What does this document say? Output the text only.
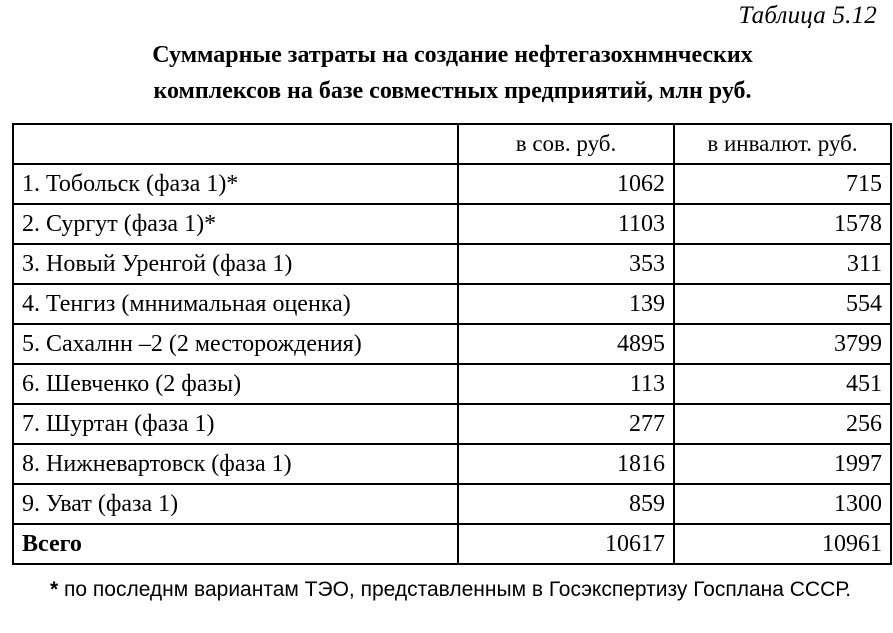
Таблица 5.12
Суммарные затраты на создание нефтегазохнмнческих
комплексов на базе совместных предприятий, млн руб.
	в сов. руб.	в инвалют. руб.
1. Тобольск (фаза 1)*	1062	715
2. Сургут (фаза 1)*	1103	1578
3. Новый Уренгой (фаза 1)	353	311
4. Тенгиз (мннимальная оценка)	139	554
5. Сахалнн –2 (2 месторождения)	4895	3799
6. Шевченко (2 фазы)	113	451
7. Шуртан (фаза 1)	277	256
8. Нижневартовск (фаза 1)	1816	1997
9. Уват (фаза 1)	859	1300
Всего	10617	10961
* по последнм вариантам ТЭО, представленным в Госэкспертизу Госплана СССР.
